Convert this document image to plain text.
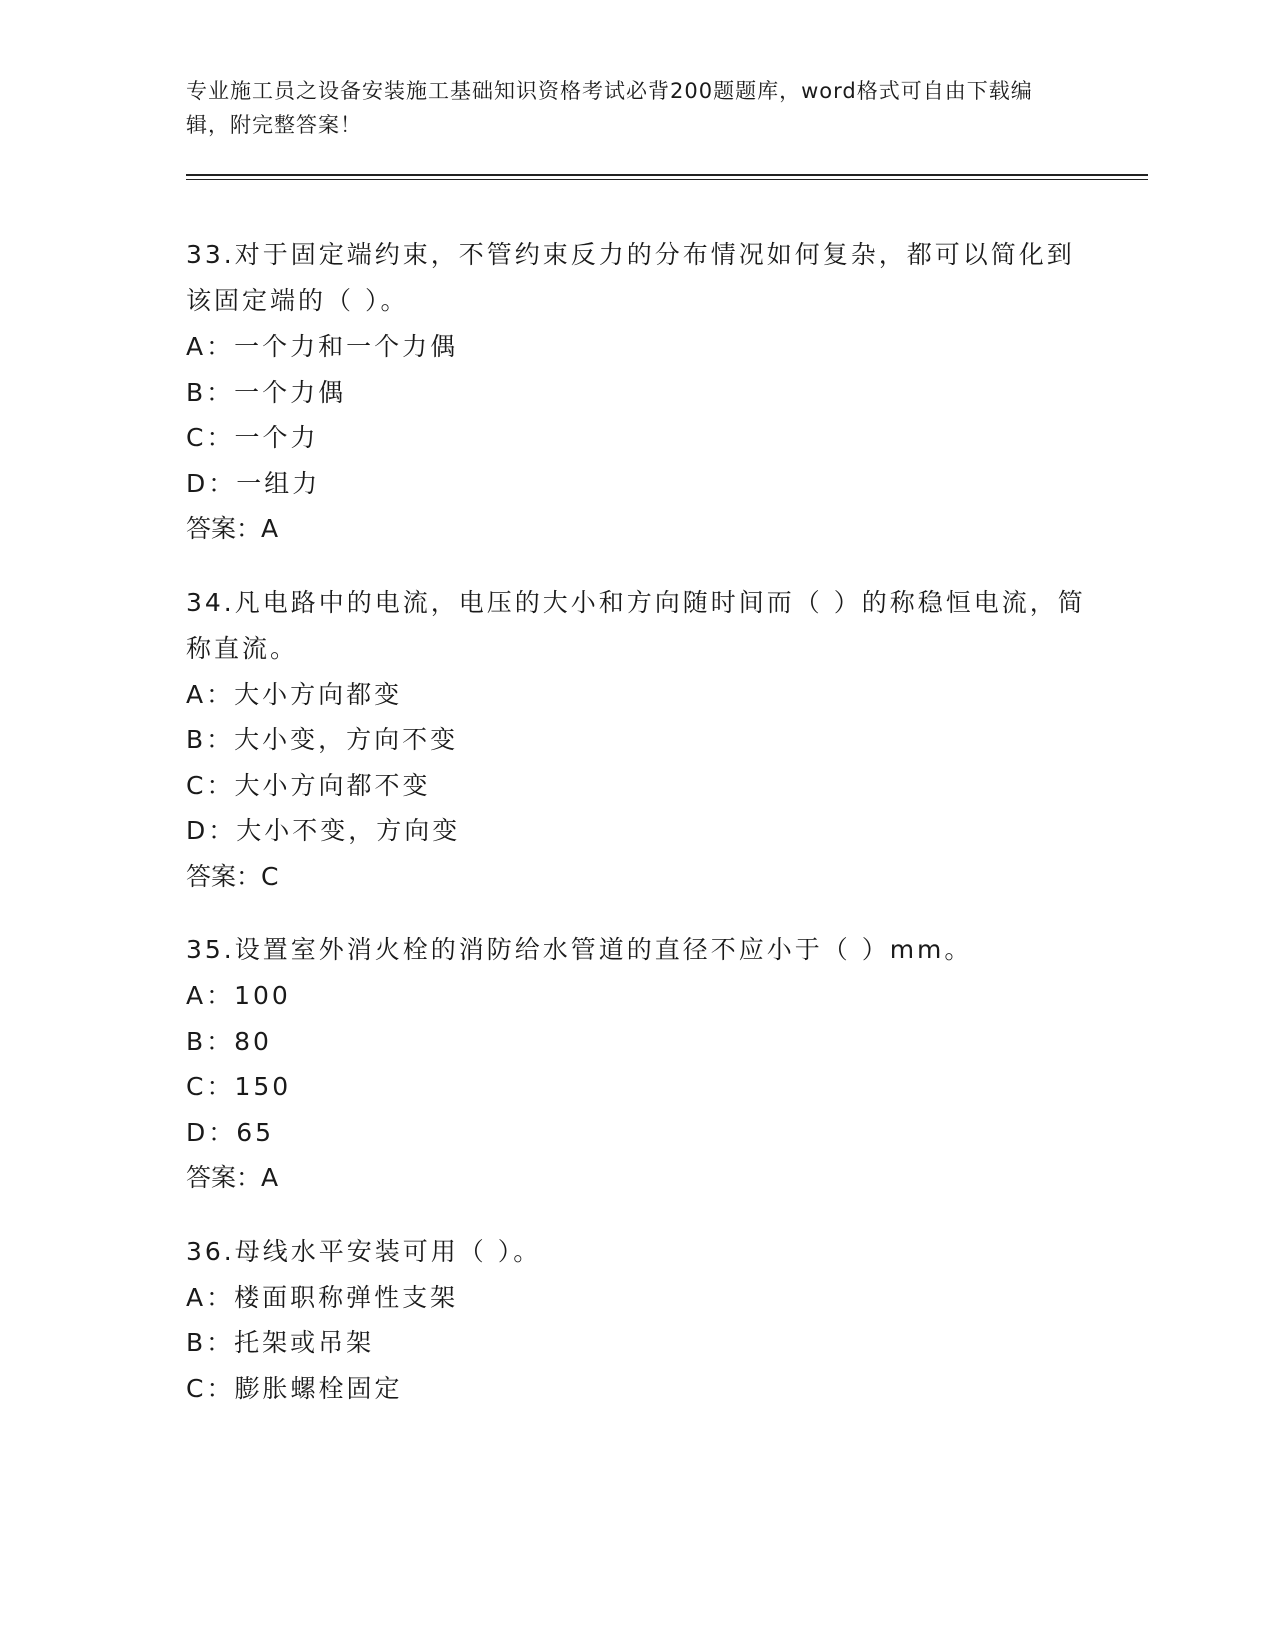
专业施工员之设备安装施工基础知识资格考试必背200题题库，word格式可自由下载编辑，附完整答案！

33.对于固定端约束，不管约束反力的分布情况如何复杂，都可以简化到该固定端的（ ）。

A：一个力和一个力偶

B：一个力偶

C：一个力

D：一组力

答案：A

34.凡电路中的电流，电压的大小和方向随时间而（ ）的称稳恒电流，简称直流。

A：大小方向都变

B：大小变，方向不变

C：大小方向都不变

D：大小不变，方向变

答案：C

35.设置室外消火栓的消防给水管道的直径不应小于（ ）mm。

A：100

B：80

C：150

D：65

答案：A

36.母线水平安装可用（ ）。

A：楼面职称弹性支架

B：托架或吊架

C：膨胀螺栓固定
